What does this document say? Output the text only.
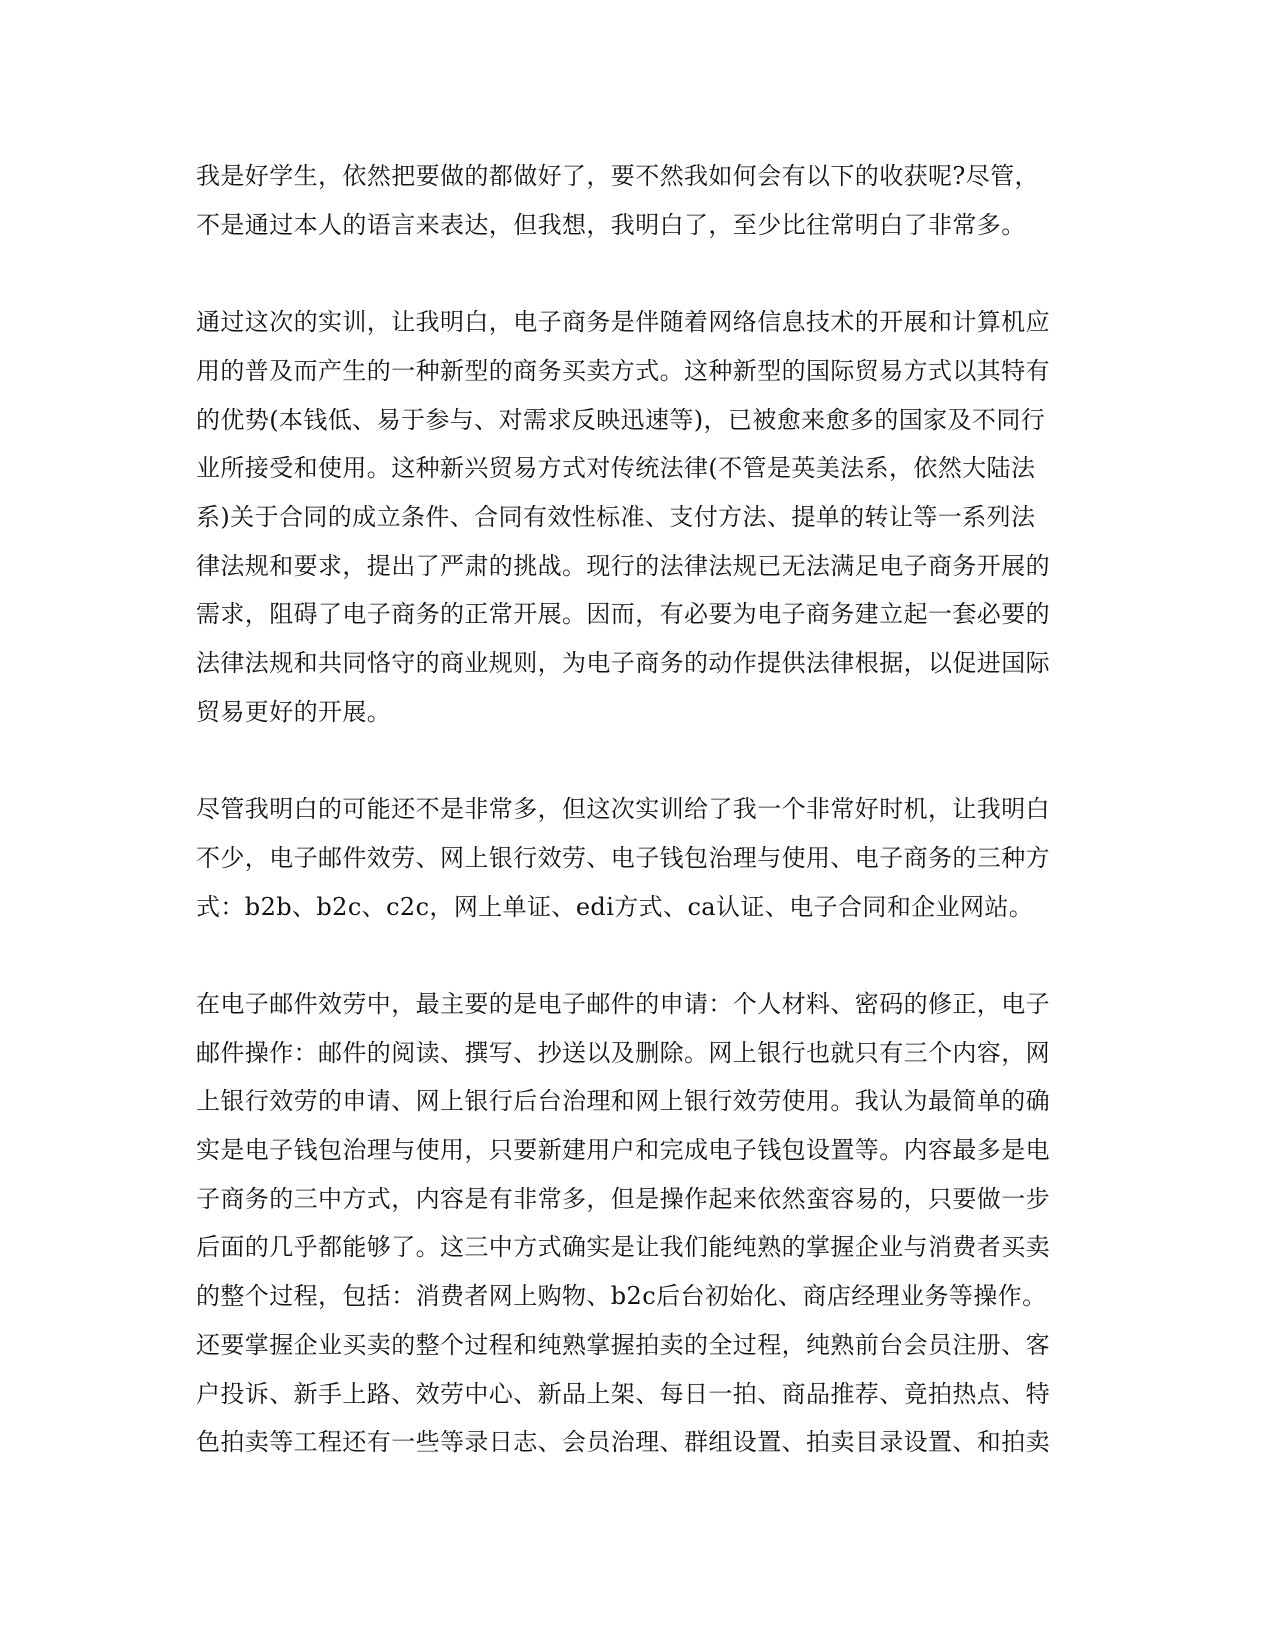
我是好学生，依然把要做的都做好了，要不然我如何会有以下的收获呢?尽管，
不是通过本人的语言来表达，但我想，我明白了，至少比往常明白了非常多。
通过这次的实训，让我明白，电子商务是伴随着网络信息技术的开展和计算机应
用的普及而产生的一种新型的商务买卖方式。这种新型的国际贸易方式以其特有
的优势(本钱低、易于参与、对需求反映迅速等)，已被愈来愈多的国家及不同行
业所接受和使用。这种新兴贸易方式对传统法律(不管是英美法系，依然大陆法
系)关于合同的成立条件、合同有效性标准、支付方法、提单的转让等一系列法
律法规和要求，提出了严肃的挑战。现行的法律法规已无法满足电子商务开展的
需求，阻碍了电子商务的正常开展。因而，有必要为电子商务建立起一套必要的
法律法规和共同恪守的商业规则，为电子商务的动作提供法律根据，以促进国际
贸易更好的开展。
尽管我明白的可能还不是非常多，但这次实训给了我一个非常好时机，让我明白
不少，电子邮件效劳、网上银行效劳、电子钱包治理与使用、电子商务的三种方
式：b2b、b2c、c2c，网上单证、edi方式、ca认证、电子合同和企业网站。
在电子邮件效劳中，最主要的是电子邮件的申请：个人材料、密码的修正，电子
邮件操作：邮件的阅读、撰写、抄送以及删除。网上银行也就只有三个内容，网
上银行效劳的申请、网上银行后台治理和网上银行效劳使用。我认为最简单的确
实是电子钱包治理与使用，只要新建用户和完成电子钱包设置等。内容最多是电
子商务的三中方式，内容是有非常多，但是操作起来依然蛮容易的，只要做一步
后面的几乎都能够了。这三中方式确实是让我们能纯熟的掌握企业与消费者买卖
的整个过程，包括：消费者网上购物、b2c后台初始化、商店经理业务等操作。
还要掌握企业买卖的整个过程和纯熟掌握拍卖的全过程，纯熟前台会员注册、客
户投诉、新手上路、效劳中心、新品上架、每日一拍、商品推荐、竟拍热点、特
色拍卖等工程还有一些等录日志、会员治理、群组设置、拍卖目录设置、和拍卖
